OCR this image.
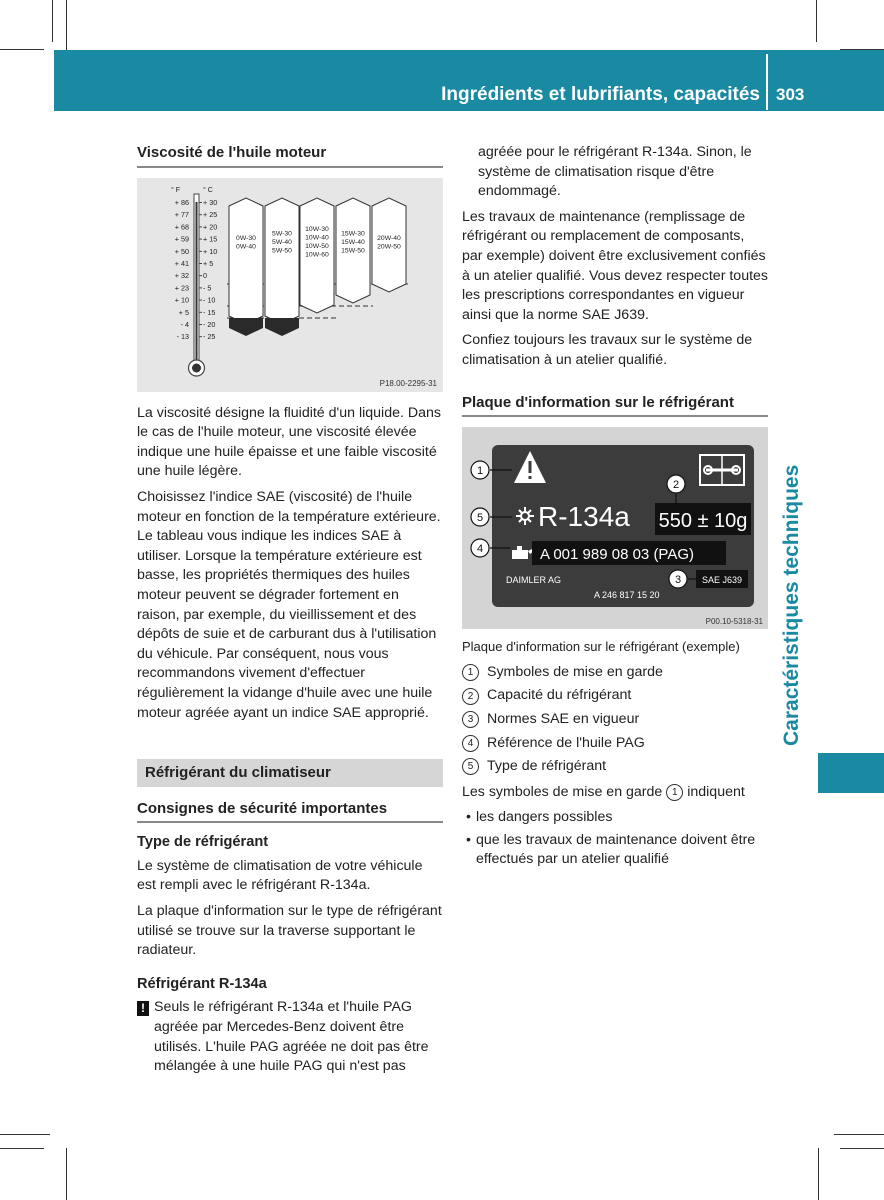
Ingrédients et lubrifiants, capacités 303
Caractéristiques techniques
Viscosité de l'huile moteur
° F	° C
+ 86 + 30
+ 77 + 25
+ 68 + 20
+ 59 + 15
+ 50 + 10
+ 41 + 5
+ 32 0
+ 23 - 5
+ 10 - 10
+ 5 - 15
- 4 - 20
- 13 - 25
0W-30
0W-40
5W-30
5W-40
5W-50
10W-30
10W-40
10W-50
10W-60
15W-30
15W-40
15W-50
20W-40
20W-50
P18.00-2295-31

La viscosité désigne la fluidité d'un liquide. Dans le cas de l'huile moteur, une viscosité élevée indique une huile épaisse et une faible viscosité une huile légère.

Choisissez l'indice SAE (viscosité) de l'huile moteur en fonction de la température extérieure. Le tableau vous indique les indices SAE à utiliser. Lorsque la température extérieure est basse, les propriétés thermiques des huiles moteur peuvent se dégrader fortement en raison, par exemple, du vieillissement et des dépôts de suie et de carburant dus à l'utilisation du véhicule. Par conséquent, nous vous recommandons vivement d'effectuer régulièrement la vidange d'huile avec une huile moteur agréée ayant un indice SAE approprié.

Réfrigérant du climatiseur
Consignes de sécurité importantes
Type de réfrigérant

Le système de climatisation de votre véhicule est rempli avec le réfrigérant R-134a.

La plaque d'information sur le type de réfrigérant utilisé se trouve sur la traverse supportant le radiateur.

Réfrigérant R-134a
! Seuls le réfrigérant R-134a et l'huile PAG agréée par Mercedes-Benz doivent être utilisés. L'huile PAG agréée ne doit pas être mélangée à une huile PAG qui n'est pas

agréée pour le réfrigérant R-134a. Sinon, le système de climatisation risque d'être endommagé.

Les travaux de maintenance (remplissage de réfrigérant ou remplacement de composants, par exemple) doivent être exclusivement confiés à un atelier qualifié. Vous devez respecter toutes les prescriptions correspondantes en vigueur ainsi que la norme SAE J639.

Confiez toujours les travaux sur le système de climatisation à un atelier qualifié.

Plaque d'information sur le réfrigérant
R-134a 550 ± 10g
A 001 989 08 03 (PAG)
DAIMLER AG
A 246 817 15 20
SAE J639
1
2
3
4
5
P00.10-5318-31
Plaque d'information sur le réfrigérant (exemple)
1 Symboles de mise en garde
2 Capacité du réfrigérant
3 Normes SAE en vigueur
4 Référence de l'huile PAG
5 Type de réfrigérant

Les symboles de mise en garde 1 indiquent

• les dangers possibles
• que les travaux de maintenance doivent être effectués par un atelier qualifié
